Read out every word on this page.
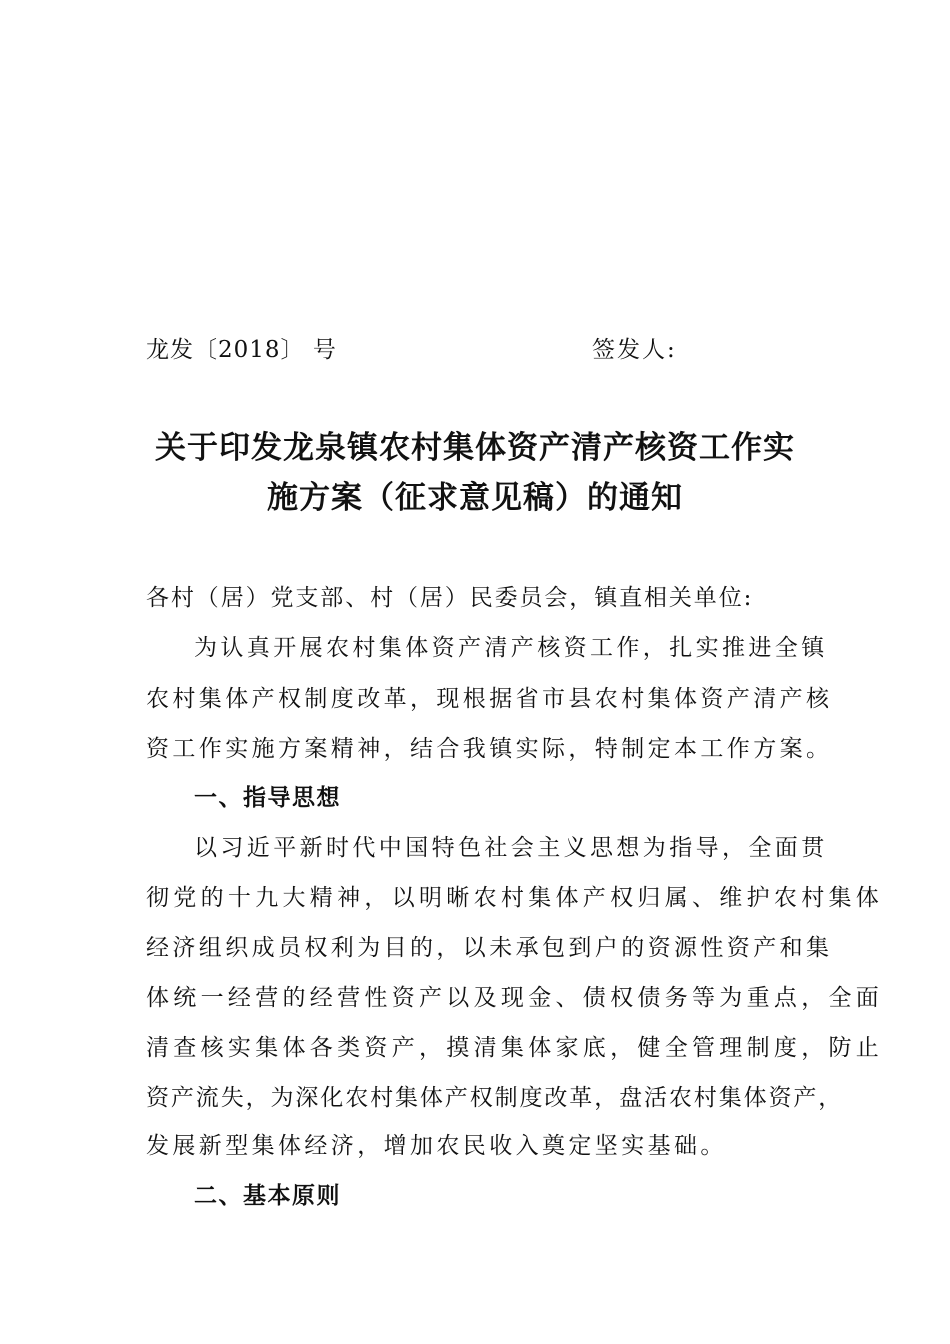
龙发〔2018〕 号	签发人:
关于印发龙泉镇农村集体资产清产核资工作实
施方案（征求意见稿）的通知
各村（居）党支部、村（居）民委员会，镇直相关单位:
为认真开展农村集体资产清产核资工作，扎实推进全镇
农村集体产权制度改革，现根据省市县农村集体资产清产核
资工作实施方案精神，结合我镇实际，特制定本工作方案。
一、指导思想
以习近平新时代中国特色社会主义思想为指导，全面贯
彻党的十九大精神，以明晰农村集体产权归属、维护农村集体
经济组织成员权利为目的，以未承包到户的资源性资产和集
体统一经营的经营性资产以及现金、债权债务等为重点，全面
清查核实集体各类资产，摸清集体家底，健全管理制度，防止
资产流失，为深化农村集体产权制度改革，盘活农村集体资产，
发展新型集体经济，增加农民收入奠定坚实基础。
二、基本原则
